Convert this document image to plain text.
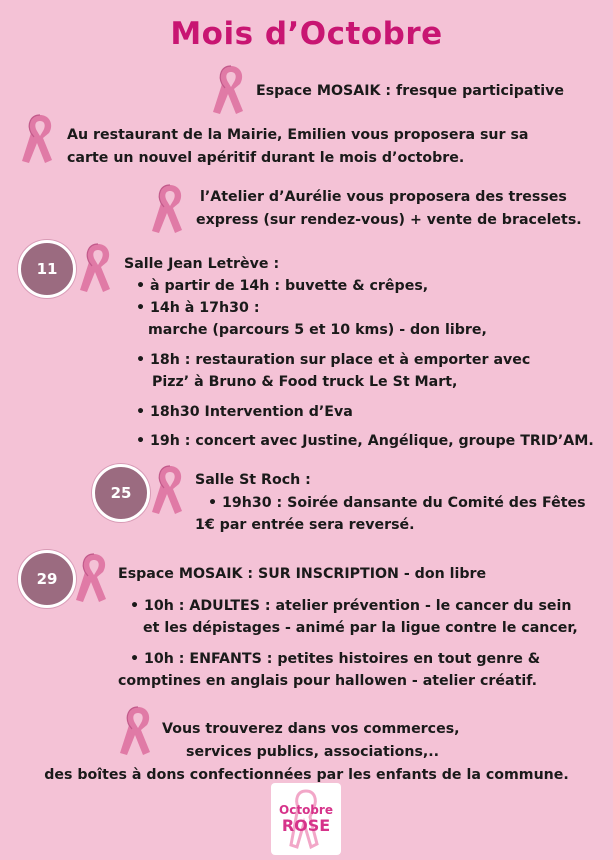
Mois d’Octobre
Espace MOSAIK : fresque participative
Au restaurant de la Mairie, Emilien vous proposera sur sa
carte un nouvel apéritif durant le mois d’octobre.
l’Atelier d’Aurélie vous proposera des tresses
express (sur rendez-vous) + vente de bracelets.
11	Salle Jean Letrève :
• à partir de 14h : buvette & crêpes,
• 14h à 17h30 :
marche (parcours 5 et 10 kms) - don libre,
• 18h : restauration sur place et à emporter avec
Pizz’ à Bruno & Food truck Le St Mart,
• 18h30 Intervention d’Eva
• 19h : concert avec Justine, Angélique, groupe TRID’AM.
25
Salle St Roch :
• 19h30 : Soirée dansante du Comité des Fêtes
1€ par entrée sera reversé.
29	Espace MOSAIK : SUR INSCRIPTION - don libre
• 10h : ADULTES : atelier prévention - le cancer du sein
et les dépistages - animé par la ligue contre le cancer,
• 10h : ENFANTS : petites histoires en tout genre &
comptines en anglais pour hallowen - atelier créatif.
Vous trouverez dans vos commerces,
services publics, associations,..
des boîtes à dons confectionnées par les enfants de la commune.
Octobre
ROSE
